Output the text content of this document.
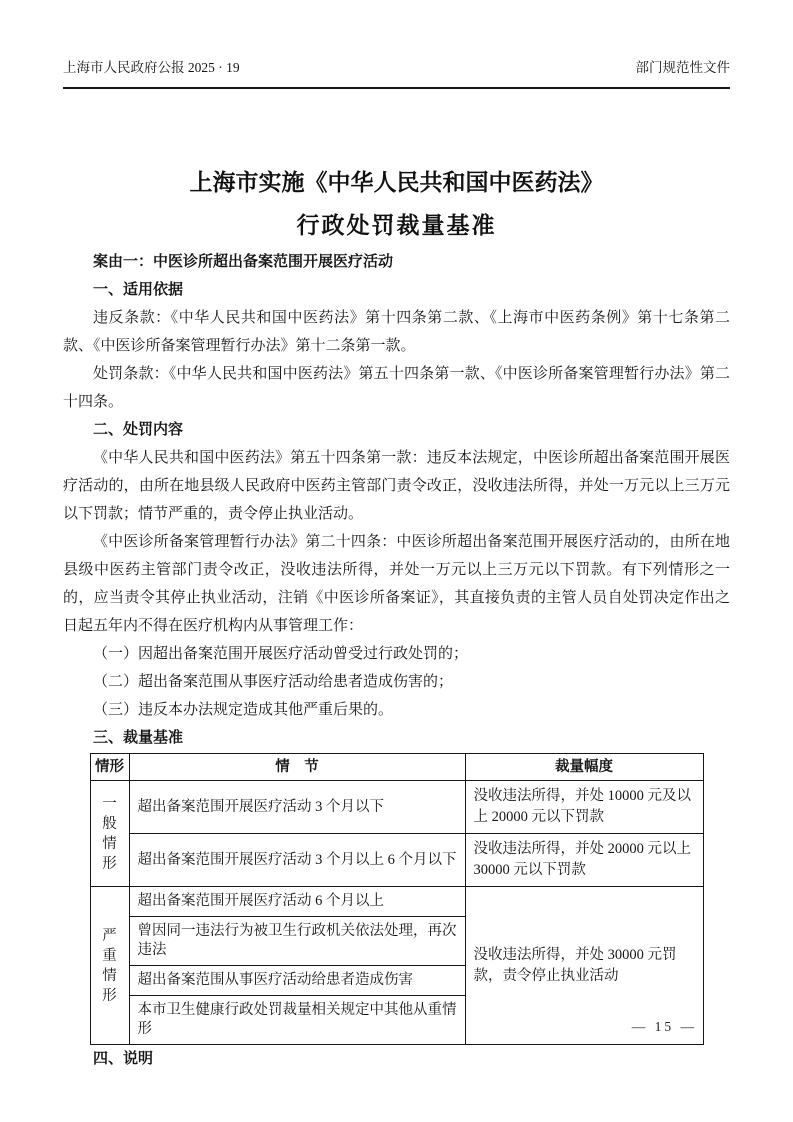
上海市人民政府公报 2025 · 19	部门规范性文件
上海市实施《中华人民共和国中医药法》
行政处罚裁量基准

案由一：中医诊所超出备案范围开展医疗活动

一、适用依据

违反条款：《中华人民共和国中医药法》第十四条第二款、《上海市中医药条例》第十七条第二款、《中医诊所备案管理暂行办法》第十二条第一款。

处罚条款：《中华人民共和国中医药法》第五十四条第一款、《中医诊所备案管理暂行办法》第二十四条。

二、处罚内容

《中华人民共和国中医药法》第五十四条第一款：违反本法规定，中医诊所超出备案范围开展医疗活动的，由所在地县级人民政府中医药主管部门责令改正，没收违法所得，并处一万元以上三万元以下罚款；情节严重的，责令停止执业活动。

《中医诊所备案管理暂行办法》第二十四条：中医诊所超出备案范围开展医疗活动的，由所在地县级中医药主管部门责令改正，没收违法所得，并处一万元以上三万元以下罚款。有下列情形之一的，应当责令其停止执业活动，注销《中医诊所备案证》，其直接负责的主管人员自处罚决定作出之日起五年内不得在医疗机构内从事管理工作：

（一）因超出备案范围开展医疗活动曾受过行政处罚的；

（二）超出备案范围从事医疗活动给患者造成伤害的；

（三）违反本办法规定造成其他严重后果的。

三、裁量基准

情形	情　节	裁量幅度
一般情形	超出备案范围开展医疗活动 3 个月以下	没收违法所得，并处 10000 元及以上 20000 元以下罚款
	超出备案范围开展医疗活动 3 个月以上 6 个月以下	没收违法所得，并处 20000 元以上 30000 元以下罚款
严重情形	超出备案范围开展医疗活动 6 个月以上	没收违法所得，并处 30000 元罚款，责令停止执业活动
	曾因同一违法行为被卫生行政机关依法处理，再次违法	
	超出备案范围从事医疗活动给患者造成伤害	
	本市卫生健康行政处罚裁量相关规定中其他从重情形	

四、说明

— 15 —
